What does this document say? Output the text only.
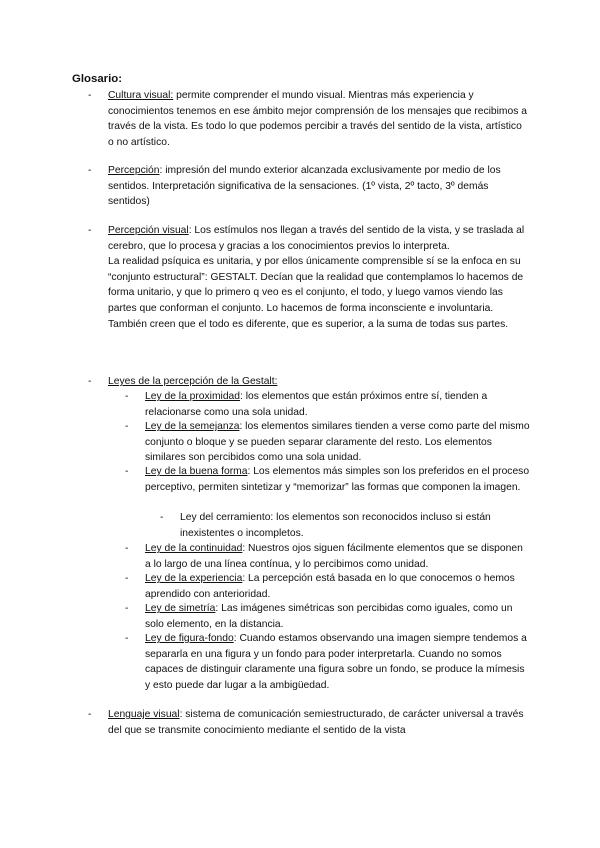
Glosario:
- Cultura visual: permite comprender el mundo visual. Mientras más experiencia y conocimientos tenemos en ese ámbito mejor comprensión de los mensajes que recibimos a través de la vista. Es todo lo que podemos percibir a través del sentido de la vista, artístico o no artístico.
- Percepción: impresión del mundo exterior alcanzada exclusivamente por medio de los sentidos. Interpretación significativa de la sensaciones. (1º vista, 2º tacto, 3º demás sentidos)
- Percepción visual: Los estímulos nos llegan a través del sentido de la vista, y se traslada al cerebro, que lo procesa y gracias a los conocimientos previos lo interpreta.
La realidad psíquica es unitaria, y por ellos únicamente comprensible sí se la enfoca en su “conjunto estructural”: GESTALT. Decían que la realidad que contemplamos lo hacemos de forma unitario, y que lo primero q veo es el conjunto, el todo, y luego vamos viendo las partes que conforman el conjunto. Lo hacemos de forma inconsciente e involuntaria. También creen que el todo es diferente, que es superior, a la suma de todas sus partes.
- Leyes de la percepción de la Gestalt:
- Ley de la proximidad: los elementos que están próximos entre sí, tienden a relacionarse como una sola unidad.
- Ley de la semejanza: los elementos similares tienden a verse como parte del mismo conjunto o bloque y se pueden separar claramente del resto. Los elementos similares son percibidos como una sola unidad.
- Ley de la buena forma: Los elementos más simples son los preferidos en el proceso perceptivo, permiten sintetizar y “memorizar” las formas que componen la imagen.
- Ley del cerramiento: los elementos son reconocidos incluso si están inexistentes o incompletos.
- Ley de la continuidad: Nuestros ojos siguen fácilmente elementos que se disponen a lo largo de una línea contínua, y lo percibimos como unidad.
- Ley de la experiencia: La percepción está basada en lo que conocemos o hemos aprendido con anterioridad.
- Ley de simetría: Las imágenes simétricas son percibidas como iguales, como un solo elemento, en la distancia.
- Ley de figura-fondo: Cuando estamos observando una imagen siempre tendemos a separarla en una figura y un fondo para poder interpretarla. Cuando no somos capaces de distinguir claramente una figura sobre un fondo, se produce la mímesis y esto puede dar lugar a la ambigüedad.
- Lenguaje visual: sistema de comunicación semiestructurado, de carácter universal a través del que se transmite conocimiento mediante el sentido de la vista
